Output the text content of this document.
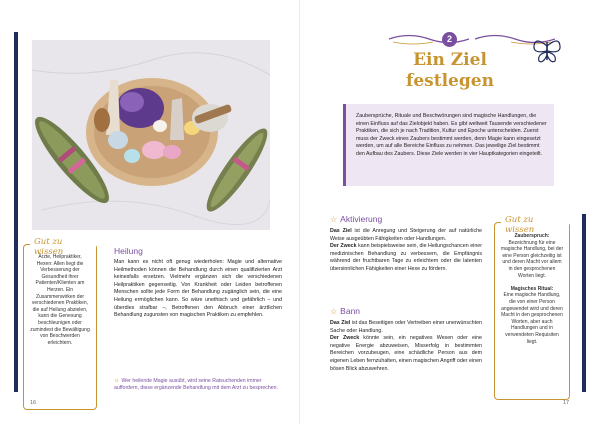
Gut zu wissen
Ärzte, Heilpraktiker, Hexen: Allen liegt die Verbesserung der Gesundheit ihrer Patienten/Klienten am Herzen. Ein Zusammenwirken der verschiedenen Praktiken, die auf Heilung abzielen, kann die Genesung beschleunigen oder zumindest die Bewältigung von Beschwerden erleichtern.
Heilung
Man kann es nicht oft genug wiederholen: Magie und alternative Heilmethoden können die Behandlung durch einen qualifizierten Arzt keinesfalls ersetzen. Vielmehr ergänzen sich die verschiedenen Heilpraktiken gegenseitig. Von Krankheit oder Leiden betroffenen Menschen sollte jede Form der Behandlung zugänglich sein, die eine Heilung ermöglichen kann. So wäre unethisch und gefährlich – und überdies strafbar –, Betroffenen den Abbruch einer ärztlichen Behandlung zugunsten von magischen Praktiken zu empfehlen.
☼ Wer heilende Magie ausübt, wird seine Ratsuchenden immer auffordern, diese ergänzende Behandlung mit dem Arzt zu besprechen.
16
2
Ein Ziel
festlegen
Zaubersprüche, Rituale und Beschwörungen sind magische Handlungen, die einen Einfluss auf das Zielobjekt haben. Es gibt weltweit Tausende verschiedener Praktiken, die sich je nach Tradition, Kultur und Epoche unterscheiden. Zuerst muss der Zweck eines Zaubers bestimmt werden, denn Magie kann eingesetzt werden, um auf alle Bereiche Einfluss zu nehmen. Das jeweilige Ziel bestimmt den Aufbau des Zaubers. Diese Ziele werden in vier Hauptkategorien eingeteilt.
☆ Aktivierung
Das Ziel ist die Anregung und Steigerung der auf natürliche Weise ausgeübten Fähigkeiten oder Handlungen.
Der Zweck kann beispielsweise sein, die Heilungschancen einer medizinischen Behandlung zu verbessern, die Empfängnis während der fruchtbaren Tage zu erleichtern oder die latenten übersinnlichen Fähigkeiten einer Hexe zu fördern.
☆ Bann
Das Ziel ist das Beseitigen oder Vertreiben einer unerwünschten Sache oder Handlung.
Der Zweck könnte sein, ein negatives Wesen oder eine negative Energie abzuweisen, Misserfolg in bestimmten Bereichen vorzubeugen, eine schädliche Person aus dem eigenen Leben fernzuhalten, einen magischen Angriff oder einen bösen Blick abzuwehren.
Gut zu wissen
Zauberspruch:
Bezeichnung für eine magische Handlung, bei der eine Person gleichzeitig ist und deren Macht vor allem in den gesprochenen Worten liegt.

Magisches Ritual:
Eine magische Handlung, die von einer Person angewendet wird und deren Macht in den gesprochenen Worten, aber auch Handlungen und in verwendeten Requisiten liegt.
17
